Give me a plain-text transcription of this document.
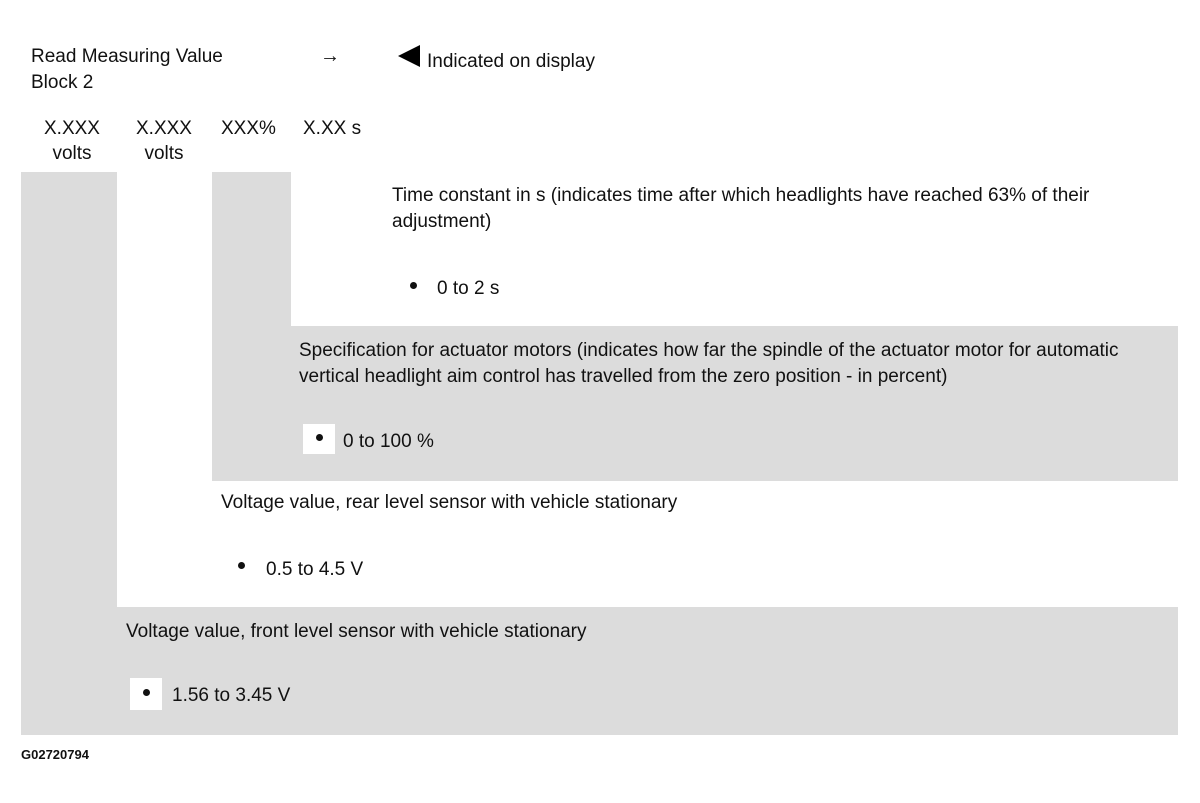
Read Measuring Value
Block 2
→	Indicated on display
X.XXX
volts
X.XXX
volts
XXX% X.XX s
Time constant in s (indicates time after which headlights have reached 63% of their adjustment)
0 to 2 s
Specification for actuator motors (indicates how far the spindle of the actuator motor for automatic vertical headlight aim control has travelled from the zero position - in percent)
0 to 100 %
Voltage value, rear level sensor with vehicle stationary
0.5 to 4.5 V
Voltage value, front level sensor with vehicle stationary
1.56 to 3.45 V
G02720794
